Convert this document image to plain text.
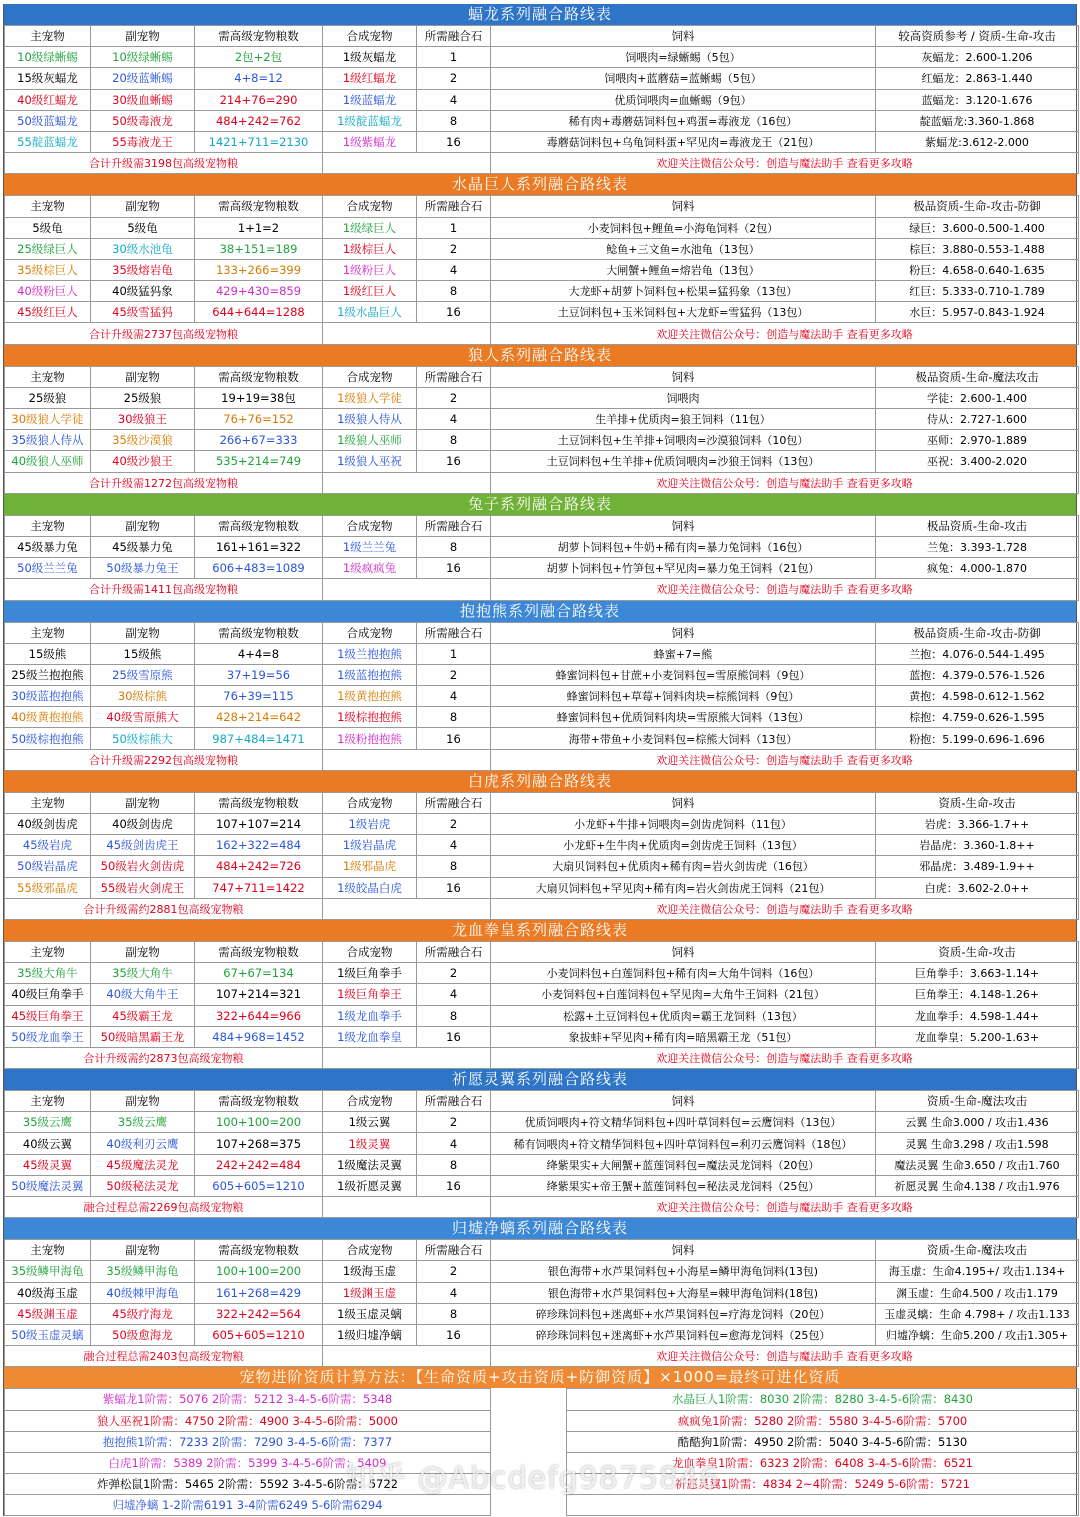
蝠龙系列融合路线表
主宠物	副宠物	需高级宠物粮数	合成宠物	所需融合石	饲料	较高资质参考 / 资质-生命-攻击
10级绿蜥蜴	10级绿蜥蜴	2包+2包	1级灰蝠龙	1	饲喂肉=绿蜥蜴（5包）	灰蝠龙：2.600-1.206
15级灰蝠龙	20级蓝蜥蜴	4+8=12	1级红蝠龙	2	饲喂肉+蓝蘑菇=蓝蜥蜴（5包）	红蝠龙：2.863-1.440
40级红蝠龙	30级血蜥蜴	214+76=290	1级蓝蝠龙	4	优质饲喂肉=血蜥蜴（9包）	蓝蝠龙：3.120-1.676
50级蓝蝠龙	50级毒液龙	484+242=762	1级靛蓝蝠龙	8	稀有肉+毒蘑菇饲料包+鸡蛋=毒液龙（16包）	靛蓝蝠龙:3.360-1.868
55靛蓝蝠龙	55毒液龙王	1421+711=2130	1级紫蝠龙	16	毒蘑菇饲料包+乌龟饲料蛋+罕见肉=毒液龙王（21包）	紫蝠龙:3.612-2.000
合计升级需3198包高级宠物粮					欢迎关注微信公众号：创造与魔法助手 查看更多攻略	
水晶巨人系列融合路线表
主宠物	副宠物	需高级宠物粮数	合成宠物	所需融合石	饲料	极品资质-生命-攻击-防御
5级龟	5级龟	1+1=2	1级绿巨人	1	小麦饲料包+鲤鱼=小海龟饲料（2包）	绿巨：3.600-0.500-1.400
25级绿巨人	30级水池龟	38+151=189	1级棕巨人	2	鲶鱼+三文鱼=水池龟（13包）	棕巨：3.880-0.553-1.488
35级棕巨人	35级熔岩龟	133+266=399	1级粉巨人	4	大闸蟹+鲤鱼=熔岩龟（13包）	粉巨：4.658-0.640-1.635
40级粉巨人	40级猛犸象	429+430=859	1级红巨人	8	大龙虾+胡萝卜饲料包+松果=猛犸象（13包）	红巨：5.333-0.710-1.789
45级红巨人	45级雪猛犸	644+644=1288	1级水晶巨人	16	土豆饲料包+玉米饲料包+大龙虾=雪猛犸（13包）	水巨：5.957-0.843-1.924
合计升级需2737包高级宠物粮					欢迎关注微信公众号：创造与魔法助手 查看更多攻略	
狼人系列融合路线表
主宠物	副宠物	需高级宠物粮数	合成宠物	所需融合石	饲料	极品资质-生命-魔法攻击
25级狼	25级狼	19+19=38包	1级狼人学徒	2	饲喂肉	学徒：2.600-1.400
30级狼人学徒	30级狼王	76+76=152	1级狼人侍从	4	生羊排+优质肉=狼王饲料（11包）	侍从：2.727-1.600
35级狼人侍从	35级沙漠狼	266+67=333	1级狼人巫师	8	土豆饲料包+生羊排+饲喂肉=沙漠狼饲料（10包）	巫师：2.970-1.889
40级狼人巫师	40级沙狼王	535+214=749	1级狼人巫祝	16	土豆饲料包+生羊排+优质饲喂肉=沙狼王饲料（13包）	巫祝：3.400-2.020
合计升级需1272包高级宠物粮					欢迎关注微信公众号：创造与魔法助手 查看更多攻略	
兔子系列融合路线表
主宠物	副宠物	需高级宠物粮数	合成宠物	所需融合石	饲料	极品资质-生命-攻击
45级暴力兔	45级暴力兔	161+161=322	1级兰兰兔	8	胡萝卜饲料包+牛奶+稀有肉=暴力兔饲料（16包）	兰兔：3.393-1.728
50级兰兰兔	50级暴力兔王	606+483=1089	1级疯疯兔	16	胡萝卜饲料包+竹笋包+罕见肉=暴力兔王饲料（21包）	疯兔：4.000-1.870
合计升级需1411包高级宠物粮					欢迎关注微信公众号：创造与魔法助手 查看更多攻略	
抱抱熊系列融合路线表
主宠物	副宠物	需高级宠物粮数	合成宠物	所需融合石	饲料	极品资质-生命-攻击-防御
15级熊	15级熊	4+4=8	1级兰抱抱熊	1	蜂蜜+7=熊	兰抱：4.076-0.544-1.495
25级兰抱抱熊	25级雪原熊	37+19=56	1级蓝抱抱熊	2	蜂蜜饲料包+甘蔗+小麦饲料包=雪原熊饲料（9包）	蓝抱：4.379-0.576-1.526
30级蓝抱抱熊	30级棕熊	76+39=115	1级黄抱抱熊	4	蜂蜜饲料包+草莓+饲料肉块=棕熊饲料（9包）	黄抱：4.598-0.612-1.562
40级黄抱抱熊	40级雪原熊大	428+214=642	1级棕抱抱熊	8	蜂蜜饲料包+优质饲料肉块=雪原熊大饲料（13包）	棕抱：4.759-0.626-1.595
50级棕抱抱熊	50级棕熊大	987+484=1471	1级粉抱抱熊	16	海带+带鱼+小麦饲料包=棕熊大饲料（13包）	粉抱：5.199-0.696-1.696
合计升级需2292包高级宠物粮					欢迎关注微信公众号：创造与魔法助手 查看更多攻略	
白虎系列融合路线表
主宠物	副宠物	需高级宠物粮数	合成宠物	所需融合石	饲料	资质-生命-攻击
40级剑齿虎	40级剑齿虎	107+107=214	1级岩虎	2	小龙虾+牛排+饲喂肉=剑齿虎饲料（11包）	岩虎：3.366-1.7++
45级岩虎	45级剑齿虎王	162+322=484	1级岩晶虎	4	小龙虾+生牛肉+优质肉=剑齿虎王饲料（13包）	岩晶虎：3.360-1.8++
50级岩晶虎	50级岩火剑齿虎	484+242=726	1级邪晶虎	8	大扇贝饲料包+优质肉+稀有肉=岩火剑齿虎（16包）	邪晶虎：3.489-1.9++
55级邪晶虎	55级岩火剑虎王	747+711=1422	1级皎晶白虎	16	大扇贝饲料包+罕见肉+稀有肉=岩火剑齿虎王饲料（21包）	白虎：3.602-2.0++
合计升级需约2881包高级宠物粮					欢迎关注微信公众号：创造与魔法助手 查看更多攻略	
龙血拳皇系列融合路线表
主宠物	副宠物	需高级宠物粮数	合成宠物	所需融合石	饲料	资质-生命-攻击
35级大角牛	35级大角牛	67+67=134	1级巨角拳手	2	小麦饲料包+白莲饲料包+稀有肉=大角牛饲料（16包）	巨角拳手：3.663-1.14+
40级巨角拳手	40级大角牛王	107+214=321	1级巨角拳王	4	小麦饲料包+白莲饲料包+罕见肉=大角牛王饲料（21包）	巨角拳王：4.148-1.26+
45级巨角拳王	45级霸王龙	322+644=966	1级龙血拳手	8	松露+土豆饲料包+优质肉=霸王龙饲料（13包）	龙血拳手：4.598-1.44+
50级龙血拳王	50级暗黑霸王龙	484+968=1452	1级龙血拳皇	16	象拔蚌+罕见肉+稀有肉=暗黑霸王龙（51包）	龙血拳皇：5.200-1.63+
合计升级需约2873包高级宠物粮					欢迎关注微信公众号：创造与魔法助手 查看更多攻略	
祈愿灵翼系列融合路线表
主宠物	副宠物	需高级宠物粮数	合成宠物	所需融合石	饲料	资质-生命-魔法攻击
35级云鹰	35级云鹰	100+100=200	1级云翼	2	优质饲喂肉+符文精华饲料包+四叶草饲料包=云鹰饲料（13包）	云翼 生命3.000 / 攻击1.436
40级云翼	40级利刃云鹰	107+268=375	1级灵翼	4	稀有饲喂肉+符文精华饲料包+四叶草饲料包=利刃云鹰饲料（18包）	灵翼 生命3.298 / 攻击1.598
45级灵翼	45级魔法灵龙	242+242=484	1级魔法灵翼	8	绛紫果实+大闸蟹+蓝莲饲料包=魔法灵龙饲料（20包）	魔法灵翼 生命3.650 / 攻击1.760
50级魔法灵翼	50级秘法灵龙	605+605=1210	1级祈愿灵翼	16	绛紫果实+帝王蟹+蓝莲饲料包=秘法灵龙饲料（25包）	祈愿灵翼 生命4.138 / 攻击1.976
融合过程总需2269包高级宠物粮					欢迎关注微信公众号：创造与魔法助手 查看更多攻略	
归墟净螭系列融合路线表
主宠物	副宠物	需高级宠物粮数	合成宠物	所需融合石	饲料	资质-生命-魔法攻击
35级鳞甲海龟	35级鳞甲海龟	100+100=200	1级海玉虚	2	银色海带+水芦果饲料包+小海星=鳞甲海龟饲料(13包)	海玉虚：生命4.195+/ 攻击1.134+
40级海玉虚	40级棘甲海龟	161+268=429	1级渊玉虚	4	银色海带+水芦果饲料包+大海星=棘甲海龟饲料(18包)	渊玉虚：生命4.500 / 攻击1.179
45级渊玉虚	45级疗海龙	322+242=564	1级玉虚灵螭	8	碎珍珠饲料包+迷离虾+水芦果饲料包=疗海龙饲料（20包）	玉虚灵螭：生命 4.798+ / 攻击1.133
50级玉虚灵螭	50级愈海龙	605+605=1210	1级归墟净螭	16	碎珍珠饲料包+迷离虾+水芦果饲料包=愈海龙饲料（25包）	归墟净螭：生命5.200 / 攻击1.305+
融合过程总需2403包高级宠物粮					欢迎关注微信公众号：创造与魔法助手 查看更多攻略	
宠物进阶资质计算方法：【生命资质+攻击资质+防御资质】×1000=最终可进化资质
紫蝠龙1阶需：5076 2阶需：5212 3-4-5-6阶需：5348		水晶巨人1阶需：8030 2阶需：8280 3-4-5-6阶需：8430
狼人巫祝1阶需：4750 2阶需：4900 3-4-5-6阶需：5000		疯疯兔1阶需：5280 2阶需：5580 3-4-5-6阶需：5700
抱抱熊1阶需：7233 2阶需：7290 3-4-5-6阶需：7377		酷酷狗1阶需：4950 2阶需：5040 3-4-5-6阶需：5130
白虎1阶需：5389 2阶需：5399 3-4-5-6阶需：5409		龙血拳皇1阶需：6323 2阶需：6408 3-4-5-6阶需：6521
炸弹松鼠1阶需：5465 2阶需：5592 3-4-5-6阶需：5722		祈愿灵翼1阶需：4834 2~4阶需：5249 5-6阶需：5721
归墟净螭 1-2阶需6191 3-4阶需6249 5-6阶需6294		
知乎 @Abcdefg9875846
